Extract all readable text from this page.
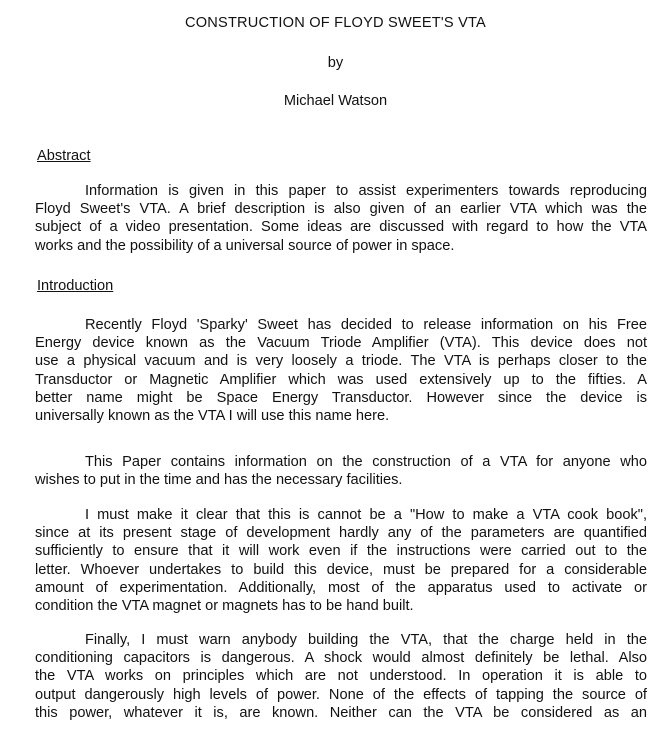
CONSTRUCTION OF FLOYD SWEET'S VTA
by
Michael Watson
Abstract
Information is given in this paper to assist experimenters towards reproducing
Floyd Sweet's VTA. A brief description is also given of an earlier VTA which was the
subject of a video presentation. Some ideas are discussed with regard to how the VTA
works and the possibility of a universal source of power in space.
Introduction
Recently Floyd 'Sparky' Sweet has decided to release information on his Free
Energy device known as the Vacuum Triode Amplifier (VTA). This device does not
use a physical vacuum and is very loosely a triode. The VTA is perhaps closer to the
Transductor or Magnetic Amplifier which was used extensively up to the fifties. A
better name might be Space Energy Transductor. However since the device is
universally known as the VTA I will use this name here.
This Paper contains information on the construction of a VTA for anyone who
wishes to put in the time and has the necessary facilities.
I must make it clear that this is cannot be a "How to make a VTA cook book",
since at its present stage of development hardly any of the parameters are quantified
sufficiently to ensure that it will work even if the instructions were carried out to the
letter. Whoever undertakes to build this device, must be prepared for a considerable
amount of experimentation. Additionally, most of the apparatus used to activate or
condition the VTA magnet or magnets has to be hand built.
Finally, I must warn anybody building the VTA, that the charge held in the
conditioning capacitors is dangerous. A shock would almost definitely be lethal. Also
the VTA works on principles which are not understood. In operation it is able to
output dangerously high levels of power. None of the effects of tapping the source of
this power, whatever it is, are known. Neither can the VTA be considered as an
